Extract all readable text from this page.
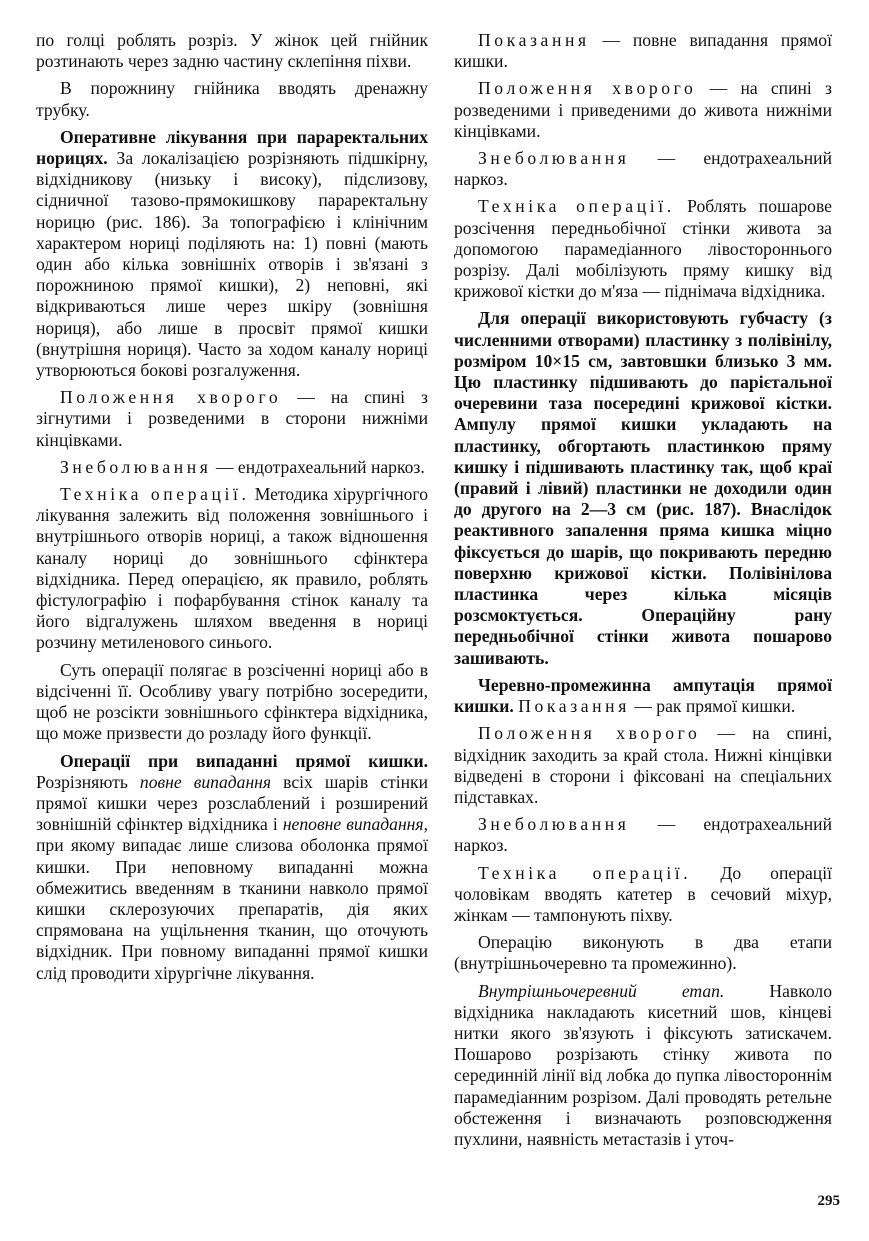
по голці роблять розріз. У жінок цей гнійник розтинають через задню частину склепіння піхви.

В порожнину гнійника вводять дренажну трубку.

Оперативне лікування при параректальних норицях. За локалізацією розрізняють підшкірну, відхідникову (низьку і високу), підслизову, сідничної тазово-прямокишкову параректальну норицю (рис. 186). За топографією і клінічним характером нориці поділяють на: 1) повні (мають один або кілька зовнішніх отворів і зв'язані з порожниною прямої кишки), 2) неповні, які відкриваються лише через шкіру (зовнішня нориця), або лише в просвіт прямої кишки (внутрішня нориця). Часто за ходом каналу нориці утворюються бокові розгалуження.

Положення хворого — на спині з зігнутими і розведеними в сторони нижніми кінцівками.

Знеболювання — ендотрахеальний наркоз.

Техніка операції. Методика хірургічного лікування залежить від положення зовнішнього і внутрішнього отворів нориці, а також відношення каналу нориці до зовнішнього сфінктера відхідника. Перед операцією, як правило, роблять фістулографію і пофарбування стінок каналу та його відгалужень шляхом введення в нориці розчину метиленового синього.

Суть операції полягає в розсіченні нориці або в відсіченні її. Особливу увагу потрібно зосередити, щоб не розсікти зовнішнього сфінктера відхідника, що може призвести до розладу його функції.

Операції при випаданні прямої кишки. Розрізняють повне випадання всіх шарів стінки прямої кишки через розслаблений і розширений зовнішній сфінктер відхідника і неповне випадання, при якому випадає лише слизова оболонка прямої кишки. При неповному випаданні можна обмежитись введенням в тканини навколо прямої кишки склерозуючих препаратів, дія яких спрямована на ущільнення тканин, що оточують відхідник. При повному випаданні прямої кишки слід проводити хірургічне лікування.

Показання — повне випадання прямої кишки.

Положення хворого — на спині з розведеними і приведеними до живота нижніми кінцівками.

Знеболювання — ендотрахеальний наркоз.

Техніка операції. Роблять пошарове розсічення передньобічної стінки живота за допомогою парамедіанного лівостороннього розрізу. Далі мобілізують пряму кишку від крижової кістки до м'яза — піднімача відхідника.

Для операції використовують губчасту (з численними отворами) пластинку з полівінілу, розміром 10×15 см, завтовшки близько 3 мм. Цю пластинку підшивають до парієтальної очеревини таза посередині крижової кістки. Ампулу прямої кишки укладають на пластинку, обгортають пластинкою пряму кишку і підшивають пластинку так, щоб краї (правий і лівий) пластинки не доходили один до другого на 2—3 см (рис. 187). Внаслідок реактивного запалення пряма кишка міцно фіксується до шарів, що покривають передню поверхню крижової кістки. Полівінілова пластинка через кілька місяців розсмоктується. Операційну рану передньобічної стінки живота пошарово зашивають.

Черевно-промежинна ампутація прямої кишки. Показання — рак прямої кишки.

Положення хворого — на спині, відхідник заходить за край стола. Нижні кінцівки відведені в сторони і фіксовані на спеціальних підставках.

Знеболювання — ендотрахеальний наркоз.

Техніка операції. До операції чоловікам вводять катетер в сечовий міхур, жінкам — тампонують піхву.

Операцію виконують в два етапи (внутрішньочеревно та промежинно).

Внутрішньочеревний етап.	Навколо відхідника накладають кисетний шов, кінцеві нитки якого зв'язують і фіксують затискачем. Пошарово розрізають стінку живота по серединній лінії від лобка до пупка лівостороннім парамедіанним розрізом. Далі проводять ретельне обстеження і визначають розповсюдження пухлини, наявність метастазів і уточ-

295
